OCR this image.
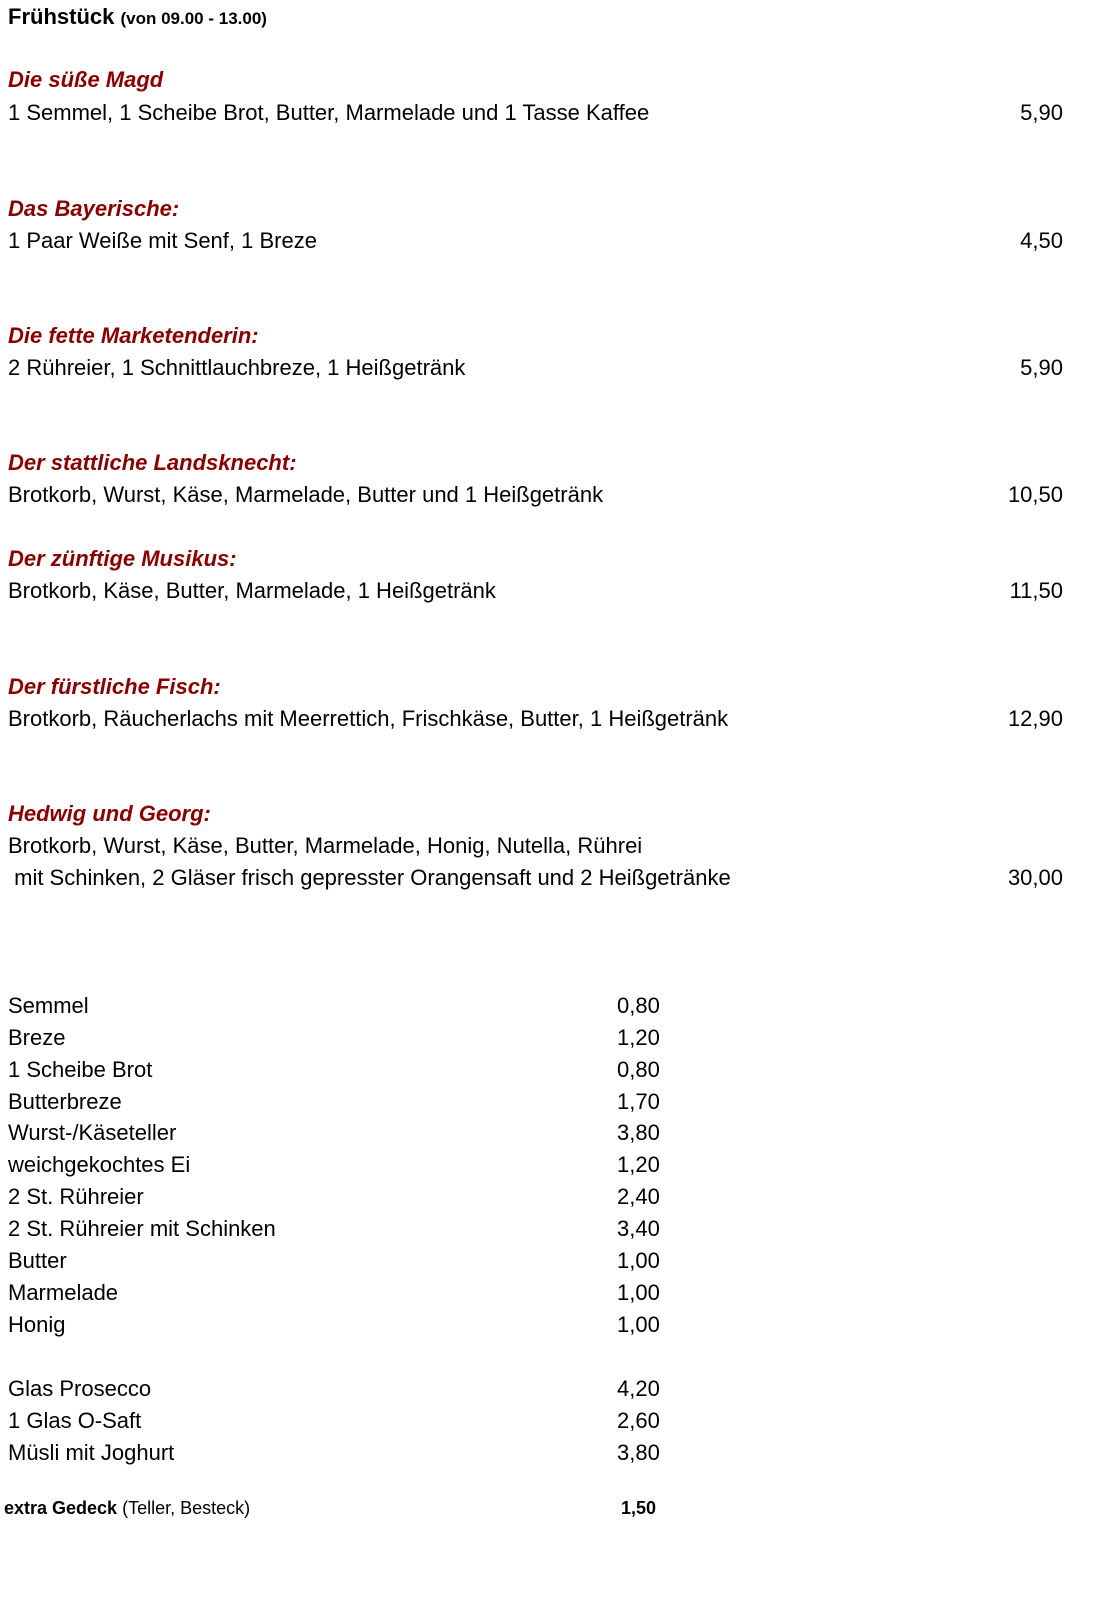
Frühstück (von 09.00 - 13.00)
Die süße Magd
1 Semmel, 1 Scheibe Brot, Butter, Marmelade und 1 Tasse Kaffee	5,90
Das Bayerische:
1 Paar Weiße mit Senf, 1 Breze	4,50
Die fette Marketenderin:
2 Rühreier, 1 Schnittlauchbreze, 1 Heißgetränk	5,90
Der stattliche Landsknecht:
Brotkorb, Wurst, Käse, Marmelade, Butter und 1 Heißgetränk	10,50
Der zünftige Musikus:
Brotkorb, Käse, Butter, Marmelade, 1 Heißgetränk	11,50
Der fürstliche Fisch:
Brotkorb, Räucherlachs mit Meerrettich, Frischkäse, Butter, 1 Heißgetränk	12,90
Hedwig und Georg:
Brotkorb, Wurst, Käse, Butter, Marmelade, Honig, Nutella, Rührei
mit Schinken, 2 Gläser frisch gepresster Orangensaft und 2 Heißgetränke	30,00
Semmel	0,80
Breze	1,20
1 Scheibe Brot	0,80
Butterbreze	1,70
Wurst-/Käseteller	3,80
weichgekochtes Ei	1,20
2 St. Rühreier	2,40
2 St. Rühreier mit Schinken	3,40
Butter	1,00
Marmelade	1,00
Honig	1,00
Glas Prosecco	4,20
1 Glas O-Saft	2,60
Müsli mit Joghurt	3,80
extra Gedeck (Teller, Besteck)	1,50
